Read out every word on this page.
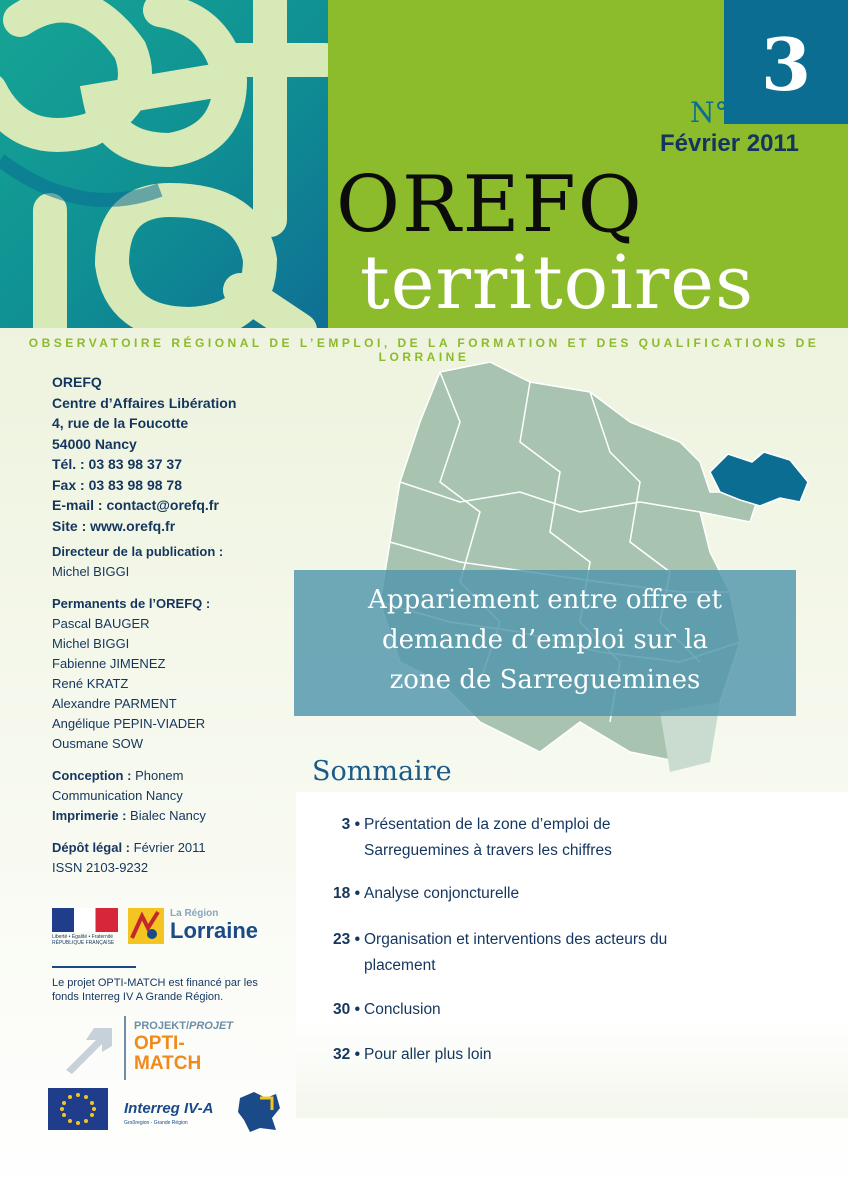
3
N°
Février 2011
OREFQ
territoires
OBSERVATOIRE RÉGIONAL DE L’EMPLOI, DE LA FORMATION ET DES QUALIFICATIONS DE LORRAINE
OREFQ
Centre d’Affaires Libération
4, rue de la Foucotte
54000 Nancy
Tél. : 03 83 98 37 37
Fax : 03 83 98 98 78
E-mail : contact@orefq.fr
Site : www.orefq.fr
Directeur de la publication :
Michel BIGGI
Permanents de l’OREFQ :
Pascal BAUGER
Michel BIGGI
Fabienne JIMENEZ
René KRATZ
Alexandre PARMENT
Angélique PEPIN-VIADER
Ousmane SOW
Conception : Phonem
Communication Nancy
Imprimerie : Bialec Nancy
Dépôt légal : Février 2011
ISSN 2103-9232
Liberté • Égalité • Fraternité
RÉPUBLIQUE FRANÇAISE
La Région
Lorraine
Le projet OPTI-MATCH est financé par les fonds Interreg IV A Grande Région.
PROJEKT/PROJET
OPTI-
MATCH
Interreg IV-A
Großregion - Grande Région
Appariement entre offre et
demande d’emploi sur la
zone de Sarreguemines
Sommaire
3 • Présentation de la zone d’emploi de Sarreguemines à travers les chiffres
18 • Analyse conjoncturelle
23 • Organisation et interventions des acteurs du placement
30 • Conclusion
32 • Pour aller plus loin
